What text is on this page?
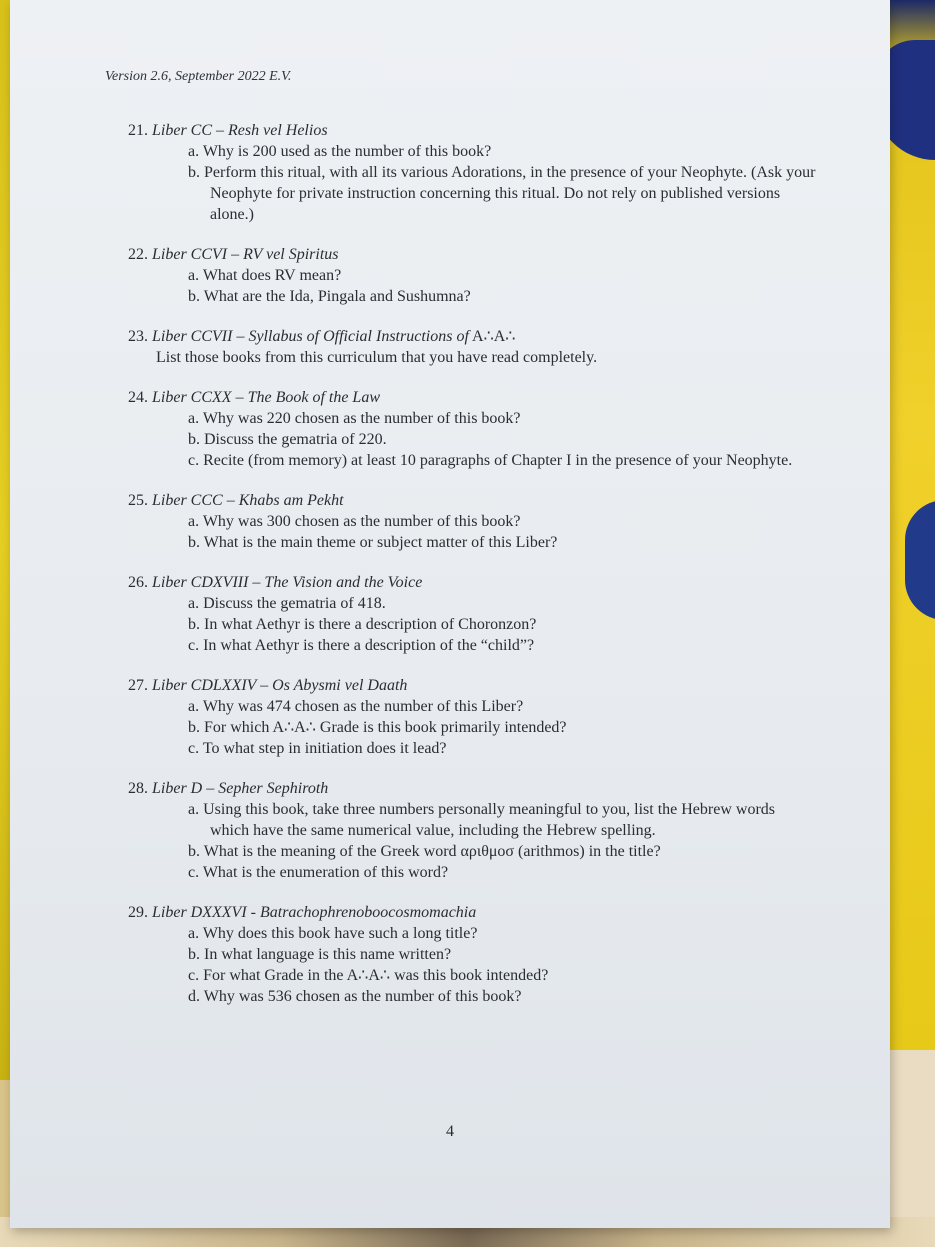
Version 2.6, September 2022 E.V.
21. Liber CC – Resh vel Helios

a. Why is 200 used as the number of this book?

b. Perform this ritual, with all its various Adorations, in the presence of your Neophyte. (Ask your Neophyte for private instruction concerning this ritual. Do not rely on published versions alone.)

22. Liber CCVI – RV vel Spiritus

a. What does RV mean?

b. What are the Ida, Pingala and Sushumna?

23. Liber CCVII – Syllabus of Official Instructions of A∴A∴
List those books from this curriculum that you have read completely.
24. Liber CCXX – The Book of the Law

a. Why was 220 chosen as the number of this book?

b. Discuss the gematria of 220.

c. Recite (from memory) at least 10 paragraphs of Chapter I in the presence of your Neophyte.

25. Liber CCC – Khabs am Pekht

a. Why was 300 chosen as the number of this book?

b. What is the main theme or subject matter of this Liber?

26. Liber CDXVIII – The Vision and the Voice

a. Discuss the gematria of 418.

b. In what Aethyr is there a description of Choronzon?

c. In what Aethyr is there a description of the “child”?

27. Liber CDLXXIV – Os Abysmi vel Daath

a. Why was 474 chosen as the number of this Liber?

b. For which A∴A∴ Grade is this book primarily intended?

c. To what step in initiation does it lead?

28. Liber D – Sepher Sephiroth

a. Using this book, take three numbers personally meaningful to you, list the Hebrew words which have the same numerical value, including the Hebrew spelling.

b. What is the meaning of the Greek word αριθμοσ (arithmos) in the title?

c. What is the enumeration of this word?

29. Liber DXXXVI - Batrachophrenoboocosmomachia

a. Why does this book have such a long title?

b. In what language is this name written?

c. For what Grade in the A∴A∴ was this book intended?

d. Why was 536 chosen as the number of this book?

4
